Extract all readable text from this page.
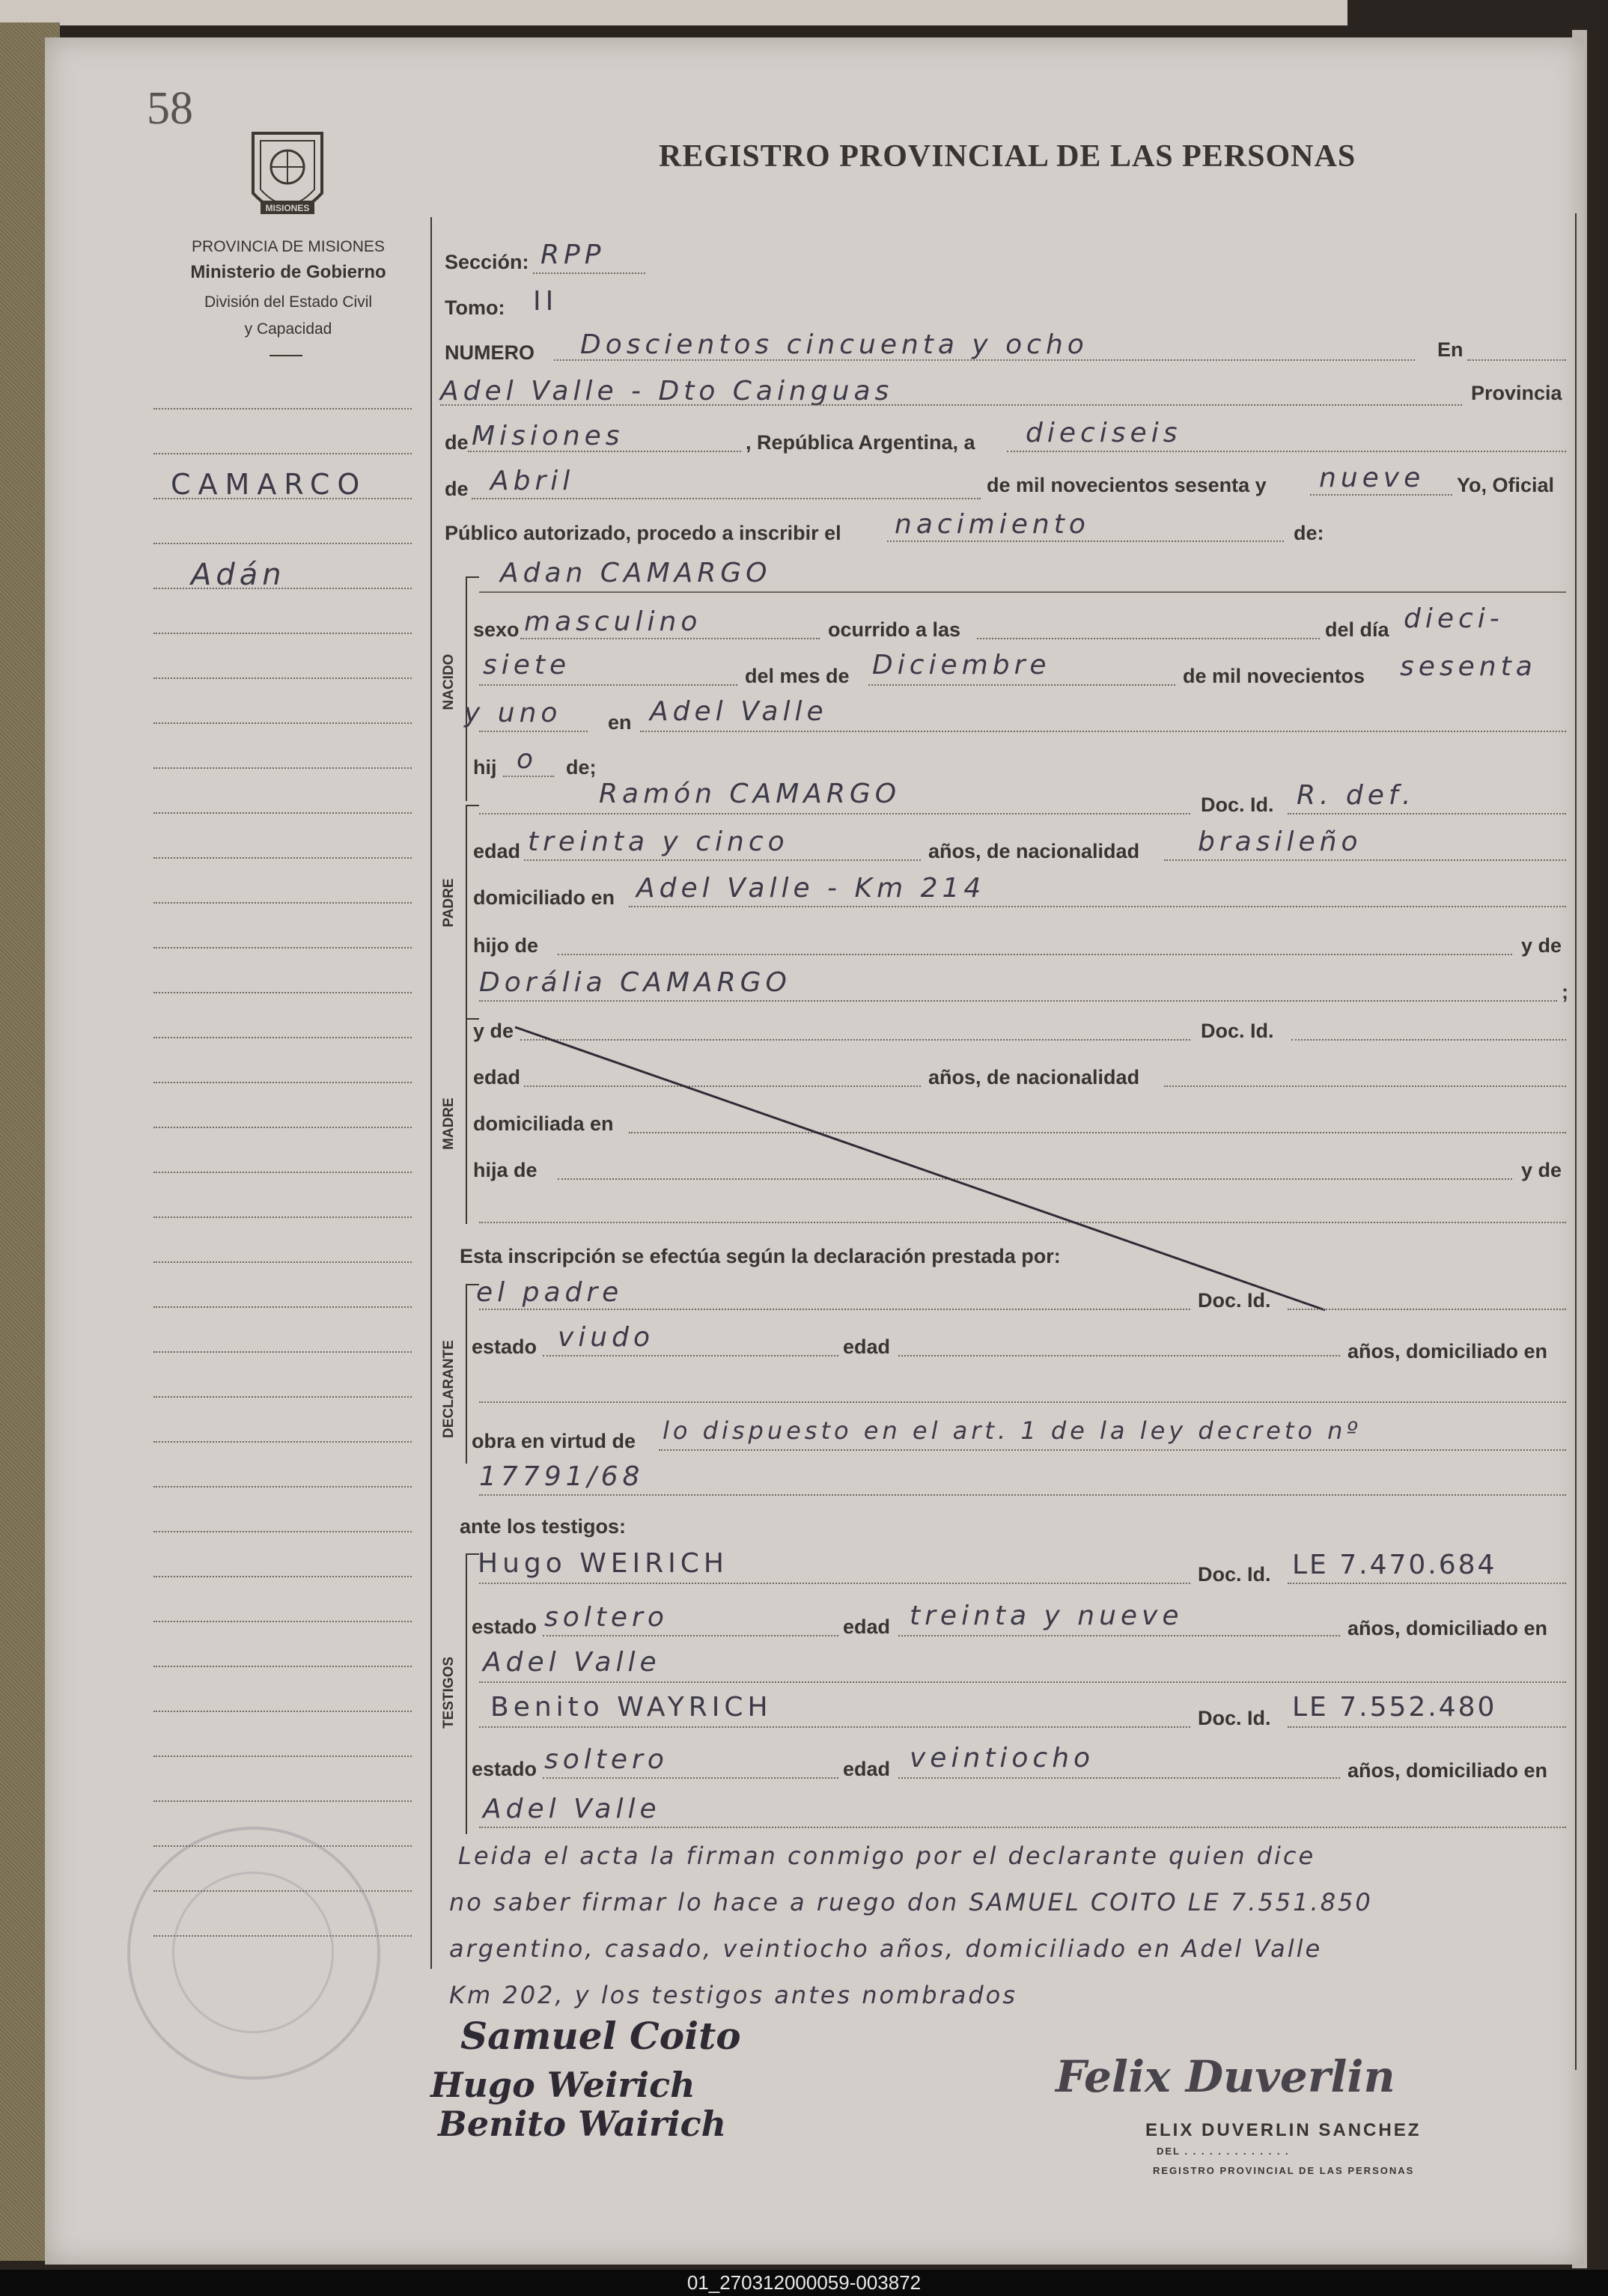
58
MISIONES
PROVINCIA DE MISIONES
Ministerio de Gobierno
División del Estado Civil
y Capacidad
REGISTRO PROVINCIAL DE LAS PERSONAS
CAMARCO
Adán
Sección: RPP
Tomo: II
NUMERO Doscientos cincuenta y ocho	En
Adel Valle - Dto Cainguas	Provincia
de Misiones	, República Argentina, a dieciseis
de Abril	de mil novecientos sesenta y nueve Yo, Oficial
Público autorizado, procedo a inscribir el nacimiento	de:
NACIDO
Adan CAMARGO
sexo masculino	ocurrido a las	del día dieci-
siete	del mes de Diciembre	de mil novecientos sesenta
y uno en Adel Valle
hij o de;
PADRE
Ramón CAMARGO	Doc. Id. R. def.
edad treinta y cinco	años, de nacionalidad brasileño
domiciliado en Adel Valle - Km 214
hijo de	y de
Dorália CAMARGO	;
MADRE
y de	Doc. Id.
edad	años, de nacionalidad
domiciliada en
hija de	y de
Esta inscripción se efectúa según la declaración prestada por:
DECLARANTE
el padre	Doc. Id.
estado viudo	edad	años, domiciliado en
obra en virtud de lo dispuesto en el art. 1 de la ley decreto nº
17791/68
ante los testigos:
TESTIGOS
Hugo WEIRICH	Doc. Id. LE 7.470.684
estado soltero	edad treinta y nueve	años, domiciliado en
Adel Valle
Benito WAYRICH	Doc. Id. LE 7.552.480
estado soltero	edad veintiocho	años, domiciliado en
Adel Valle
Leida el acta la firman conmigo por el declarante quien dice
no saber firmar lo hace a ruego don SAMUEL COITO LE 7.551.850
argentino, casado, veintiocho años, domiciliado en Adel Valle
Km 202, y los testigos antes nombrados
Samuel Coito
Hugo Weirich
Benito Wairich
Felix Duverlin
ELIX DUVERLIN SANCHEZ
DEL . . . . . . . . . . . . .
REGISTRO PROVINCIAL DE LAS PERSONAS
01_270312000059-003872
